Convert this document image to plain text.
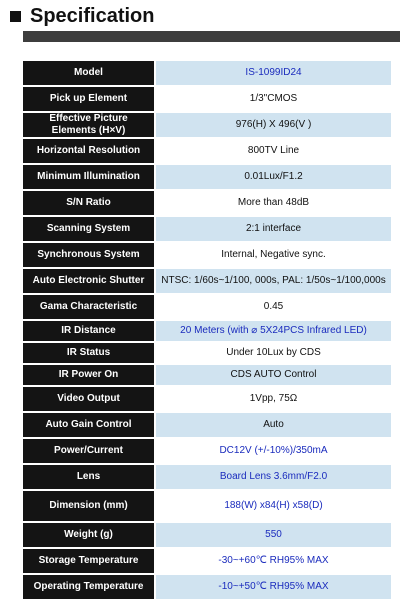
Specification
Model	IS-1099ID24
Pick up Element	1/3"CMOS
Effective Picture Elements (H×V)	976(H) X 496(V )
Horizontal Resolution	800TV Line
Minimum Illumination	0.01Lux/F1.2
S/N Ratio	More than 48dB
Scanning System	2:1 interface
Synchronous System	Internal, Negative sync.
Auto Electronic Shutter	NTSC: 1/60s~1/100, 000s, PAL: 1/50s~1/100,000s
Gama Characteristic	0.45
IR Distance	20 Meters (with ⌀ 5X24PCS Infrared LED)
IR Status	Under 10Lux by CDS
IR Power On	CDS AUTO Control
Video Output	1Vpp, 75Ω
Auto Gain Control	Auto
Power/Current	DC12V (+/-10%)/350mA
Lens	Board Lens 3.6mm/F2.0
Dimension (mm)	188(W) x84(H) x58(D)
Weight (g)	550
Storage Temperature	-30~+60℃ RH95% MAX
Operating Temperature	-10~+50℃ RH95% MAX
